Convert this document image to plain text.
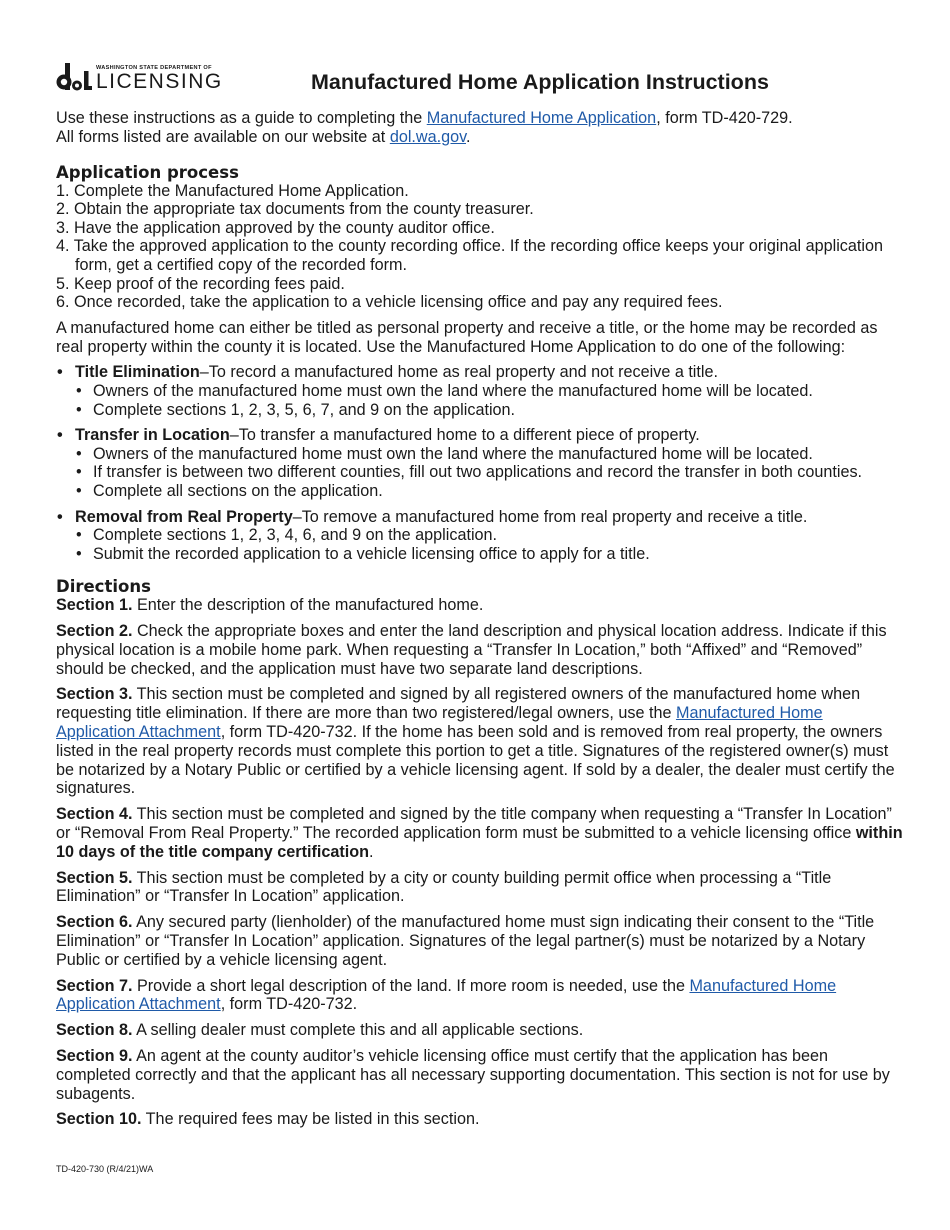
WASHINGTON STATE DEPARTMENT OF
LICENSING	Manufactured Home Application Instructions

Use these instructions as a guide to completing the Manufactured Home Application, form TD-420-729.

All forms listed are available on our website at dol.wa.gov.

Application process
1. Complete the Manufactured Home Application.
2. Obtain the appropriate tax documents from the county treasurer.
3. Have the application approved by the county auditor office.
4. Take the approved application to the county recording office. If the recording office keeps your original application form, get a certified copy of the recorded form.
5. Keep proof of the recording fees paid.
6. Once recorded, take the application to a vehicle licensing office and pay any required fees.

A manufactured home can either be titled as personal property and receive a title, or the home may be recorded as real property within the county it is located. Use the Manufactured Home Application to do one of the following:

• Title Elimination–To record a manufactured home as real property and not receive a title.
• Owners of the manufactured home must own the land where the manufactured home will be located.
• Complete sections 1, 2, 3, 5, 6, 7, and 9 on the application.
• Transfer in Location–To transfer a manufactured home to a different piece of property.
• Owners of the manufactured home must own the land where the manufactured home will be located.
• If transfer is between two different counties, fill out two applications and record the transfer in both counties.
• Complete all sections on the application.
• Removal from Real Property–To remove a manufactured home from real property and receive a title.
• Complete sections 1, 2, 3, 4, 6, and 9 on the application.
• Submit the recorded application to a vehicle licensing office to apply for a title.
Directions

Section 1. Enter the description of the manufactured home.

Section 2. Check the appropriate boxes and enter the land description and physical location address. Indicate if this physical location is a mobile home park. When requesting a “Transfer In Location,” both “Affixed” and “Removed” should be checked, and the application must have two separate land descriptions.

Section 3. This section must be completed and signed by all registered owners of the manufactured home when requesting title elimination. If there are more than two registered/legal owners, use the Manufactured Home Application Attachment, form TD-420-732. If the home has been sold and is removed from real property, the owners listed in the real property records must complete this portion to get a title. Signatures of the registered owner(s) must be notarized by a Notary Public or certified by a vehicle licensing agent. If sold by a dealer, the dealer must certify the signatures.

Section 4. This section must be completed and signed by the title company when requesting a “Transfer In Location” or “Removal From Real Property.” The recorded application form must be submitted to a vehicle licensing office within 10 days of the title company certification.

Section 5. This section must be completed by a city or county building permit office when processing a “Title Elimination” or “Transfer In Location” application.

Section 6. Any secured party (lienholder) of the manufactured home must sign indicating their consent to the “Title Elimination” or “Transfer In Location” application. Signatures of the legal partner(s) must be notarized by a Notary Public or certified by a vehicle licensing agent.

Section 7. Provide a short legal description of the land. If more room is needed, use the Manufactured Home Application Attachment, form TD-420-732.

Section 8. A selling dealer must complete this and all applicable sections.

Section 9. An agent at the county auditor’s vehicle licensing office must certify that the application has been completed correctly and that the applicant has all necessary supporting documentation. This section is not for use by subagents.

Section 10. The required fees may be listed in this section.

TD-420-730 (R/4/21)WA
